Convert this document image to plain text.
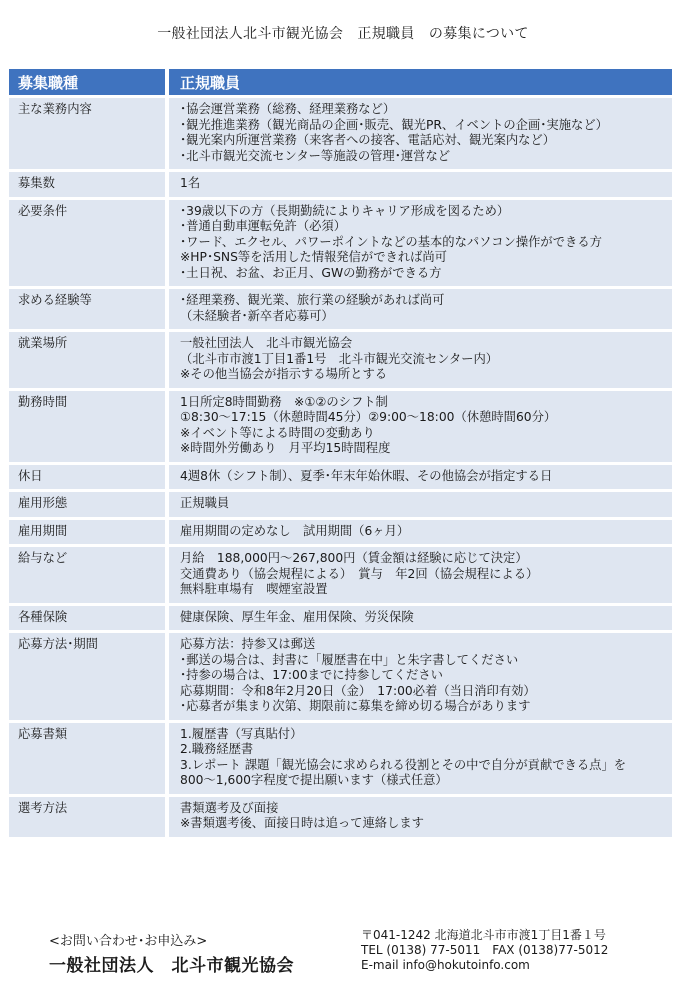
一般社団法人北斗市観光協会　正規職員　の募集について
募集職種	正規職員
主な業務内容	･協会運営業務（総務、経理業務など）
･観光推進業務（観光商品の企画･販売、観光PR、イベントの企画･実施など）
･観光案内所運営業務（来客者への接客、電話応対、観光案内など）
･北斗市観光交流センター等施設の管理･運営など

募集数	1名

必要条件	･39歳以下の方（長期勤続によりキャリア形成を図るため）
･普通自動車運転免許（必須）
･ワード、エクセル、パワーポイントなどの基本的なパソコン操作ができる方
※HP･SNS等を活用した情報発信ができれば尚可
･土日祝、お盆、お正月、GWの勤務ができる方

求める経験等	･経理業務、観光業、旅行業の経験があれば尚可
（未経験者･新卒者応募可）

就業場所	一般社団法人　北斗市観光協会
（北斗市市渡1丁目1番1号　北斗市観光交流センター内）
※その他当協会が指示する場所とする

勤務時間	1日所定8時間勤務　※①②のシフト制
①8:30～17:15（休憩時間45分）②9:00～18:00（休憩時間60分）
※イベント等による時間の変動あり
※時間外労働あり　月平均15時間程度

休日	4週8休（シフト制）、夏季･年末年始休暇、その他協会が指定する日

雇用形態	正規職員

雇用期間	雇用期間の定めなし　試用期間（6ヶ月）

給与など	月給　188,000円～267,800円（賃金額は経験に応じて決定）
交通費あり（協会規程による）　賞与　年2回（協会規程による）
無料駐車場有　喫煙室設置

各種保険	健康保険、厚生年金、雇用保険、労災保険

応募方法･期間	応募方法：持参又は郵送
･郵送の場合は、封書に「履歴書在中」と朱字書してください
･持参の場合は、17:00までに持参してください
応募期間：令和8年2月20日（金）　17:00必着（当日消印有効）
･応募者が集まり次第、期限前に募集を締め切る場合があります

応募書類	1.履歴書（写真貼付）
2.職務経歴書
3.レポート 課題「観光協会に求められる役割とその中で自分が貢献できる点」を
800～1,600字程度で提出願います（様式任意）

選考方法	書類選考及び面接
※書類選考後、面接日時は追って連絡します
<お問い合わせ･お申込み>
一般社団法人　北斗市観光協会
〒041-1242 北海道北斗市市渡1丁目1番１号
TEL (0138) 77-5011　FAX (0138)77-5012
E-mail info@hokutoinfo.com
